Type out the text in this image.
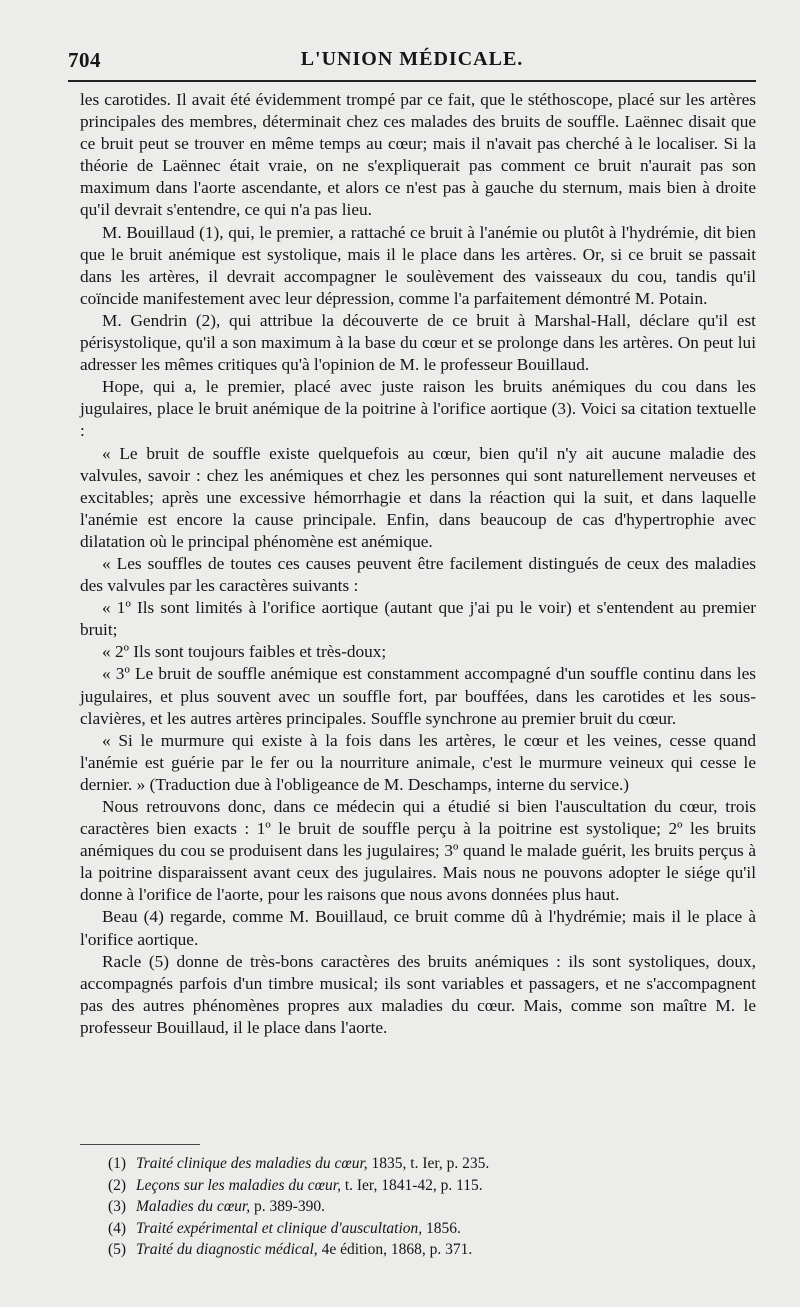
704	L'UNION MÉDICALE.

les carotides. Il avait été évidemment trompé par ce fait, que le stéthoscope, placé sur les artères principales des membres, déterminait chez ces malades des bruits de souffle. Laënnec disait que ce bruit peut se trouver en même temps au cœur; mais il n'avait pas cherché à le localiser. Si la théorie de Laënnec était vraie, on ne s'expliquerait pas comment ce bruit n'aurait pas son maximum dans l'aorte ascendante, et alors ce n'est pas à gauche du sternum, mais bien à droite qu'il devrait s'entendre, ce qui n'a pas lieu.

M. Bouillaud (1), qui, le premier, a rattaché ce bruit à l'anémie ou plutôt à l'hydrémie, dit bien que le bruit anémique est systolique, mais il le place dans les artères. Or, si ce bruit se passait dans les artères, il devrait accompagner le soulèvement des vaisseaux du cou, tandis qu'il coïncide manifestement avec leur dépression, comme l'a parfaitement démontré M. Potain.

M. Gendrin (2), qui attribue la découverte de ce bruit à Marshal-Hall, déclare qu'il est périsystolique, qu'il a son maximum à la base du cœur et se prolonge dans les artères. On peut lui adresser les mêmes critiques qu'à l'opinion de M. le professeur Bouillaud.

Hope, qui a, le premier, placé avec juste raison les bruits anémiques du cou dans les jugulaires, place le bruit anémique de la poitrine à l'orifice aortique (3). Voici sa citation textuelle :

« Le bruit de souffle existe quelquefois au cœur, bien qu'il n'y ait aucune maladie des valvules, savoir : chez les anémiques et chez les personnes qui sont naturellement nerveuses et excitables; après une excessive hémorrhagie et dans la réaction qui la suit, et dans laquelle l'anémie est encore la cause principale. Enfin, dans beaucoup de cas d'hypertrophie avec dilatation où le principal phénomène est anémique.

« Les souffles de toutes ces causes peuvent être facilement distingués de ceux des maladies des valvules par les caractères suivants :

« 1º Ils sont limités à l'orifice aortique (autant que j'ai pu le voir) et s'entendent au premier bruit;

« 2º Ils sont toujours faibles et très-doux;

« 3º Le bruit de souffle anémique est constamment accompagné d'un souffle continu dans les jugulaires, et plus souvent avec un souffle fort, par bouffées, dans les carotides et les sous-clavières, et les autres artères principales. Souffle synchrone au premier bruit du cœur.

« Si le murmure qui existe à la fois dans les artères, le cœur et les veines, cesse quand l'anémie est guérie par le fer ou la nourriture animale, c'est le murmure veineux qui cesse le dernier. » (Traduction due à l'obligeance de M. Deschamps, interne du service.)

Nous retrouvons donc, dans ce médecin qui a étudié si bien l'auscultation du cœur, trois caractères bien exacts : 1º le bruit de souffle perçu à la poitrine est systolique; 2º les bruits anémiques du cou se produisent dans les jugulaires; 3º quand le malade guérit, les bruits perçus à la poitrine disparaissent avant ceux des jugulaires. Mais nous ne pouvons adopter le siége qu'il donne à l'orifice de l'aorte, pour les raisons que nous avons données plus haut.

Beau (4) regarde, comme M. Bouillaud, ce bruit comme dû à l'hydrémie; mais il le place à l'orifice aortique.

Racle (5) donne de très-bons caractères des bruits anémiques : ils sont systoliques, doux, accompagnés parfois d'un timbre musical; ils sont variables et passagers, et ne s'accompagnent pas des autres phénomènes propres aux maladies du cœur. Mais, comme son maître M. le professeur Bouillaud, il le place dans l'aorte.

(1) Traité clinique des maladies du cœur, 1835, t. Ier, p. 235.
(2) Leçons sur les maladies du cœur, t. Ier, 1841-42, p. 115.
(3) Maladies du cœur, p. 389-390.
(4) Traité expérimental et clinique d'auscultation, 1856.
(5) Traité du diagnostic médical, 4e édition, 1868, p. 371.
